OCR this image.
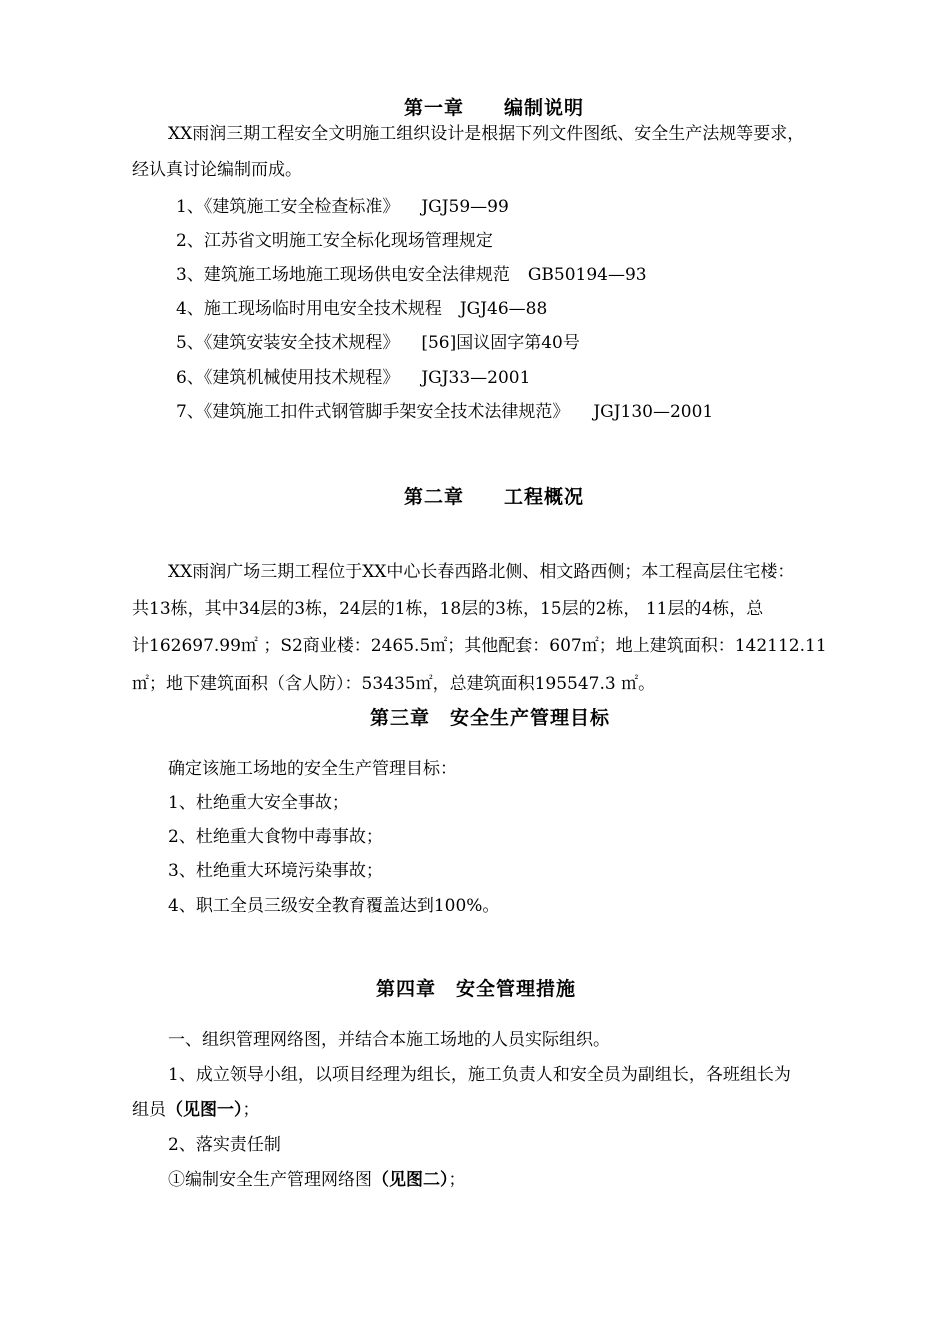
第一章　　编制说明
XX雨润三期工程安全文明施工组织设计是根据下列文件图纸、安全生产法规等要求，
经认真讨论编制而成。
1、《建筑施工安全检查标准》 JGJ59—99
2、江苏省文明施工安全标化现场管理规定
3、建筑施工场地施工现场供电安全法律规范 GB50194—93
4、施工现场临时用电安全技术规程 JGJ46—88
5、《建筑安装安全技术规程》 [56]国议固字第40号
6、《建筑机械使用技术规程》 JGJ33—2001
7、《建筑施工扣件式钢管脚手架安全技术法律规范》 JGJ130—2001
第二章　　工程概况
XX雨润广场三期工程位于XX中心长春西路北侧、相文路西侧；本工程高层住宅楼：
共13栋，其中34层的3栋，24层的1栋，18层的3栋，15层的2栋， 11层的4栋，总
计162697.99㎡ ；S2商业楼：2465.5㎡；其他配套：607㎡；地上建筑面积：142112.11
㎡；地下建筑面积（含人防）：53435㎡，总建筑面积195547.3 ㎡。
第三章　安全生产管理目标
确定该施工场地的安全生产管理目标：
1、杜绝重大安全事故；
2、杜绝重大食物中毒事故；
3、杜绝重大环境污染事故；
4、职工全员三级安全教育覆盖达到100%。
第四章　安全管理措施
一、组织管理网络图，并结合本施工场地的人员实际组织。
1、成立领导小组，以项目经理为组长，施工负责人和安全员为副组长，各班组长为
组员（见图一）；
2、落实责任制
①编制安全生产管理网络图（见图二）；
